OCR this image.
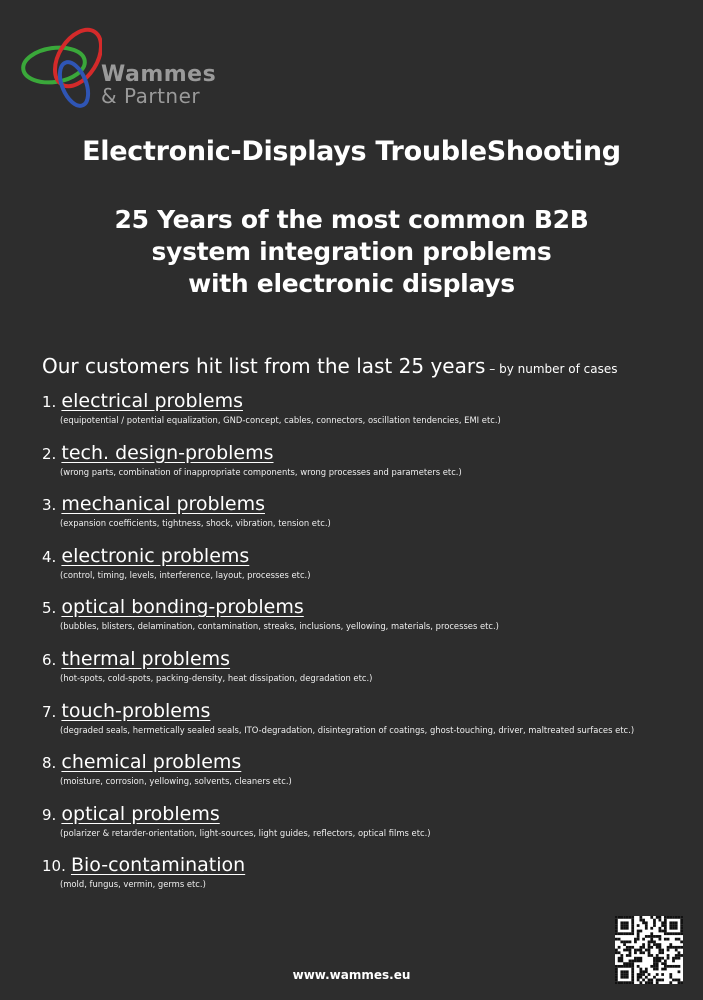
Wammes
& Partner
Electronic-Displays TroubleShooting
25 Years of the most common B2B
system integration problems
with electronic displays
Our customers hit list from the last 25 years – by number of cases
1. electrical problems
(equipotential / potential equalization, GND-concept, cables, connectors, oscillation tendencies, EMI etc.)
2. tech. design-problems
(wrong parts, combination of inappropriate components, wrong processes and parameters etc.)
3. mechanical problems
(expansion coefficients, tightness, shock, vibration, tension etc.)
4. electronic problems
(control, timing, levels, interference, layout, processes etc.)
5. optical bonding-problems
(bubbles, blisters, delamination, contamination, streaks, inclusions, yellowing, materials, processes etc.)
6. thermal problems
(hot-spots, cold-spots, packing-density, heat dissipation, degradation etc.)
7. touch-problems
(degraded seals, hermetically sealed seals, ITO-degradation, disintegration of coatings, ghost-touching, driver, maltreated surfaces etc.)
8. chemical problems
(moisture, corrosion, yellowing, solvents, cleaners etc.)
9. optical problems
(polarizer & retarder-orientation, light-sources, light guides, reflectors, optical films etc.)
10. Bio-contamination
(mold, fungus, vermin, germs etc.)
www.wammes.eu
